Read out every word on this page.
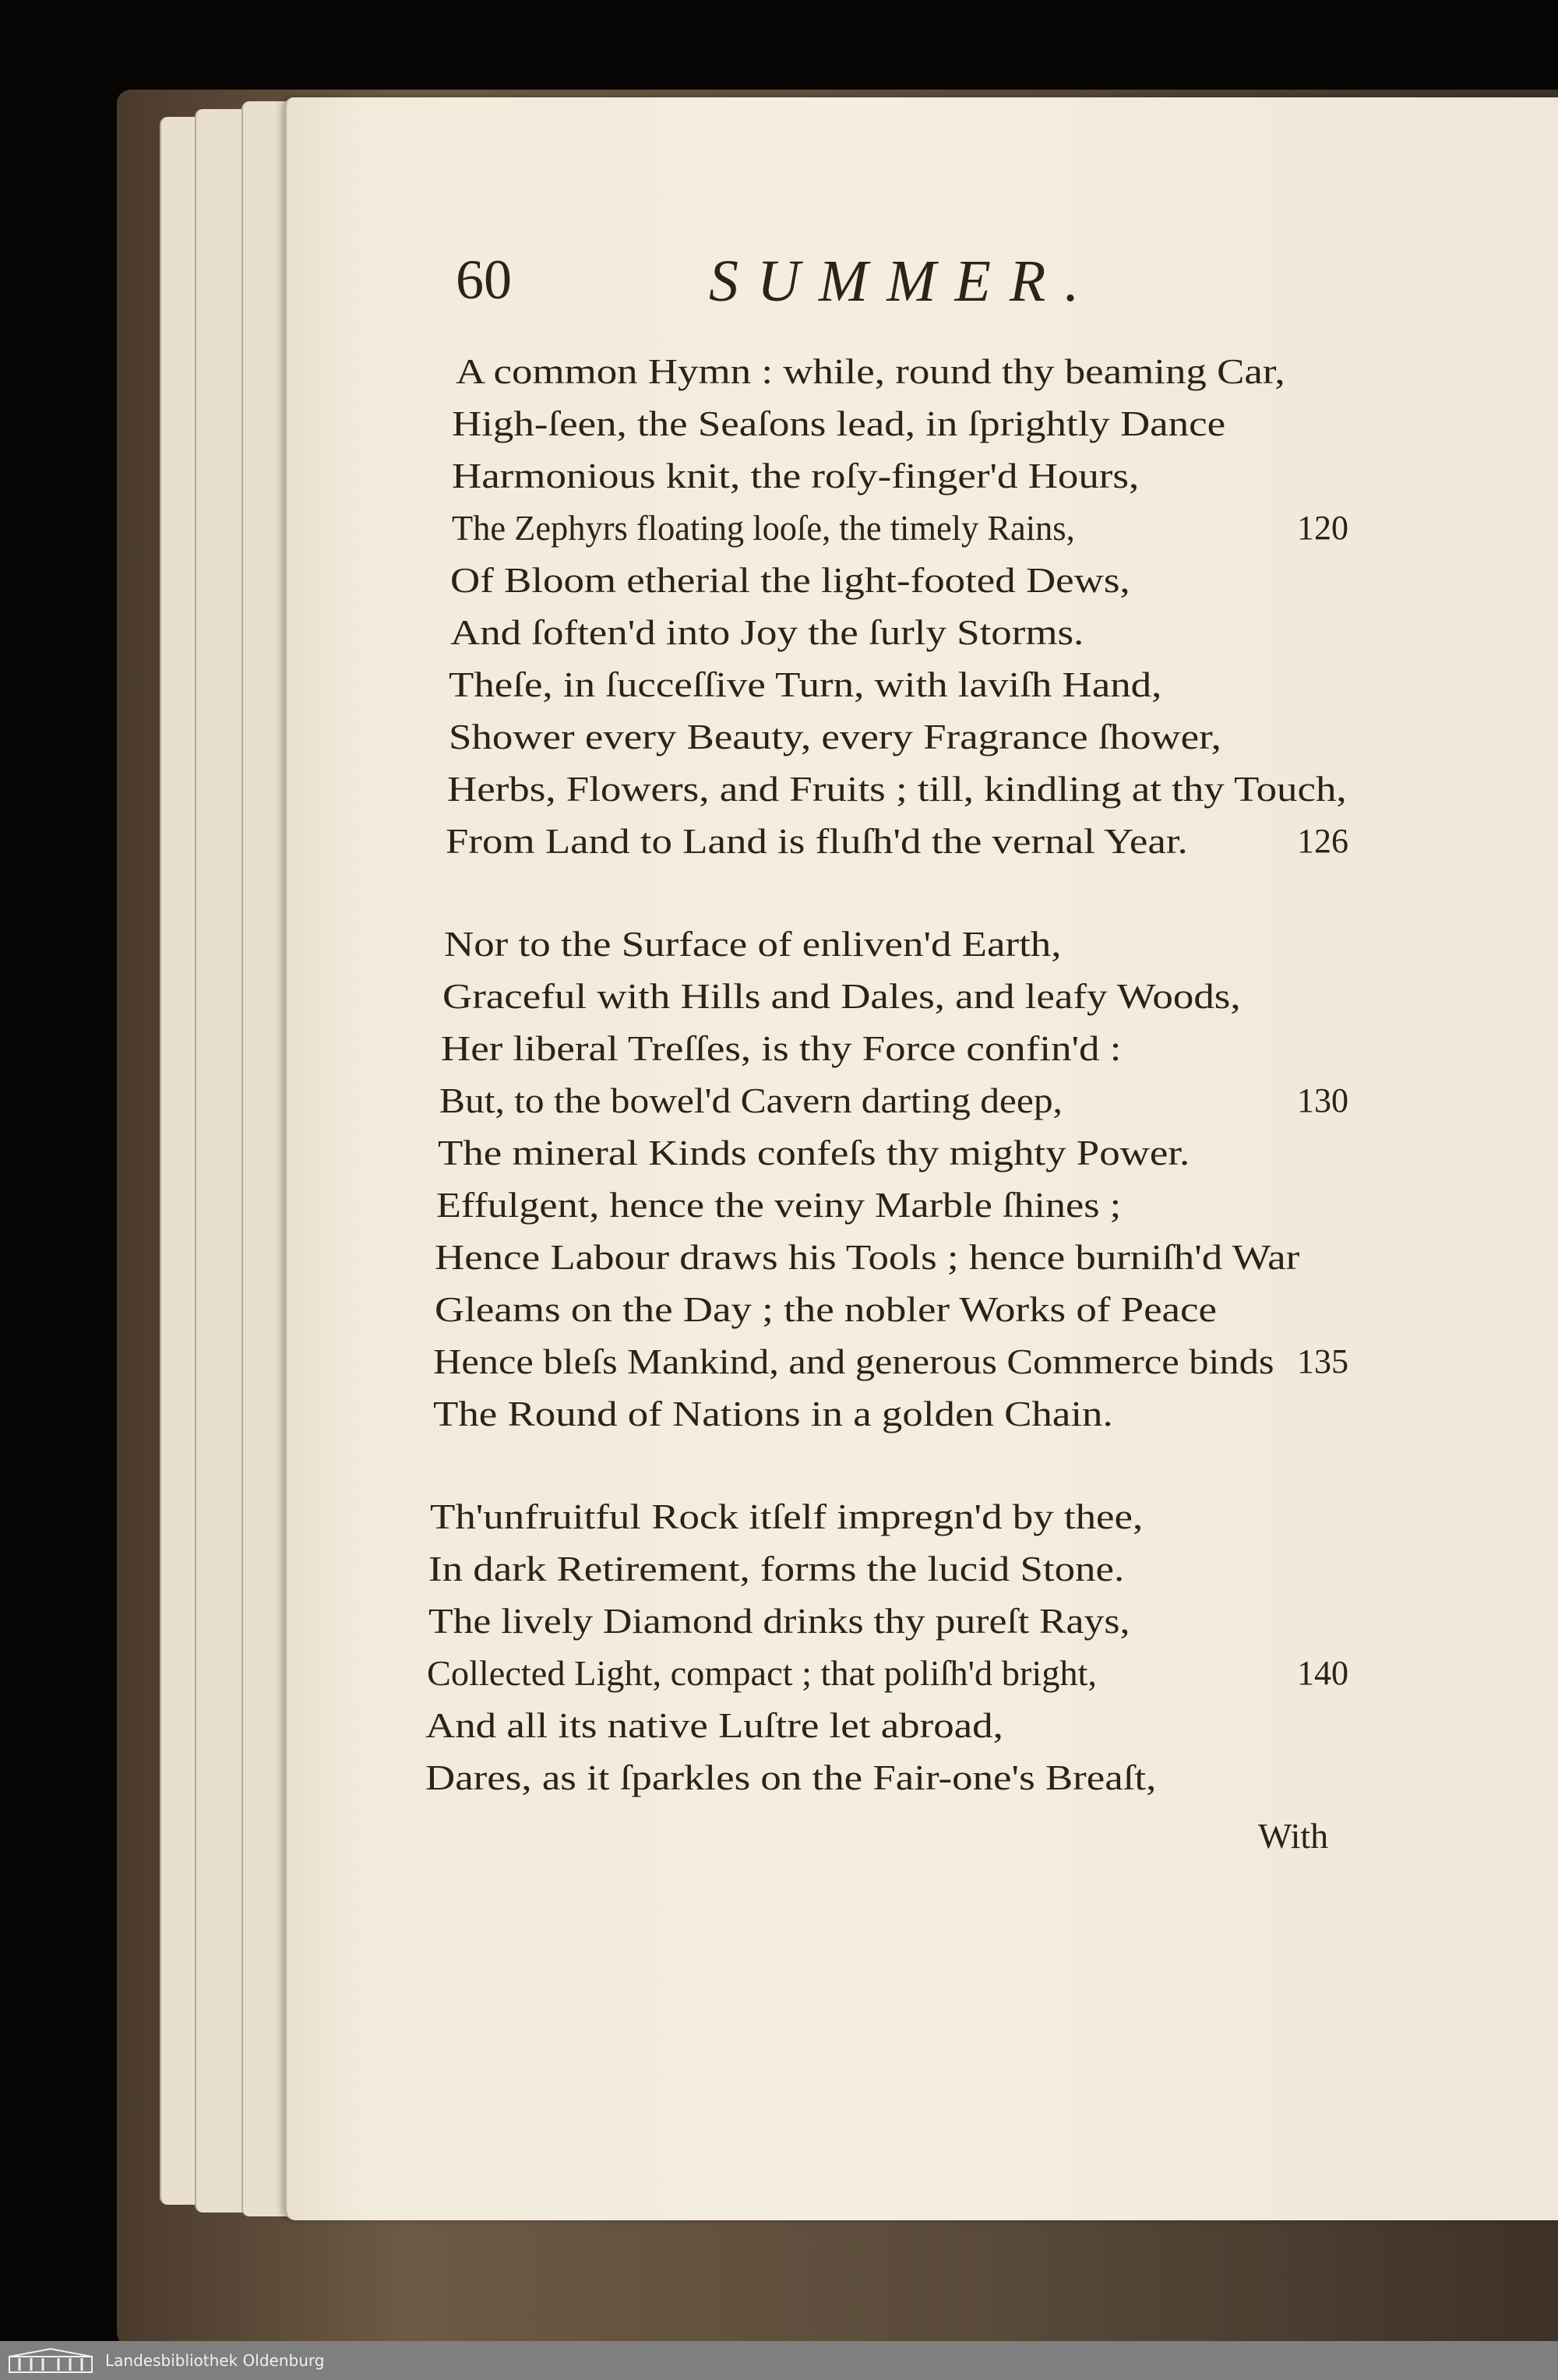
60	SUMMER.
A common Hymn : while, round thy beaming Car,
High-ſeen, the Seaſons lead, in ſprightly Dance
Harmonious knit, the roſy-finger'd Hours,
The Zephyrs floating looſe, the timely Rains,	120
Of Bloom etherial the light-footed Dews,
And ſoften'd into Joy the ſurly Storms.
Theſe, in ſucceſſive Turn, with laviſh Hand,
Shower every Beauty, every Fragrance ſhower,
Herbs, Flowers, and Fruits ; till, kindling at thy Touch,
From Land to Land is fluſh'd the vernal Year.	126
Nor to the Surface of enliven'd Earth,
Graceful with Hills and Dales, and leafy Woods,
Her liberal Treſſes, is thy Force confin'd :
But, to the bowel'd Cavern darting deep,	130
The mineral Kinds confeſs thy mighty Power.
Effulgent, hence the veiny Marble ſhines ;
Hence Labour draws his Tools ; hence burniſh'd War
Gleams on the Day ; the nobler Works of Peace
Hence bleſs Mankind, and generous Commerce binds 135
The Round of Nations in a golden Chain.
Th'unfruitful Rock itſelf impregn'd by thee,
In dark Retirement, forms the lucid Stone.
The lively Diamond drinks thy pureſt Rays,
Collected Light, compact ; that poliſh'd bright,	140
And all its native Luſtre let abroad,
Dares, as it ſparkles on the Fair-one's Breaſt,
With
Landesbibliothek Oldenburg
